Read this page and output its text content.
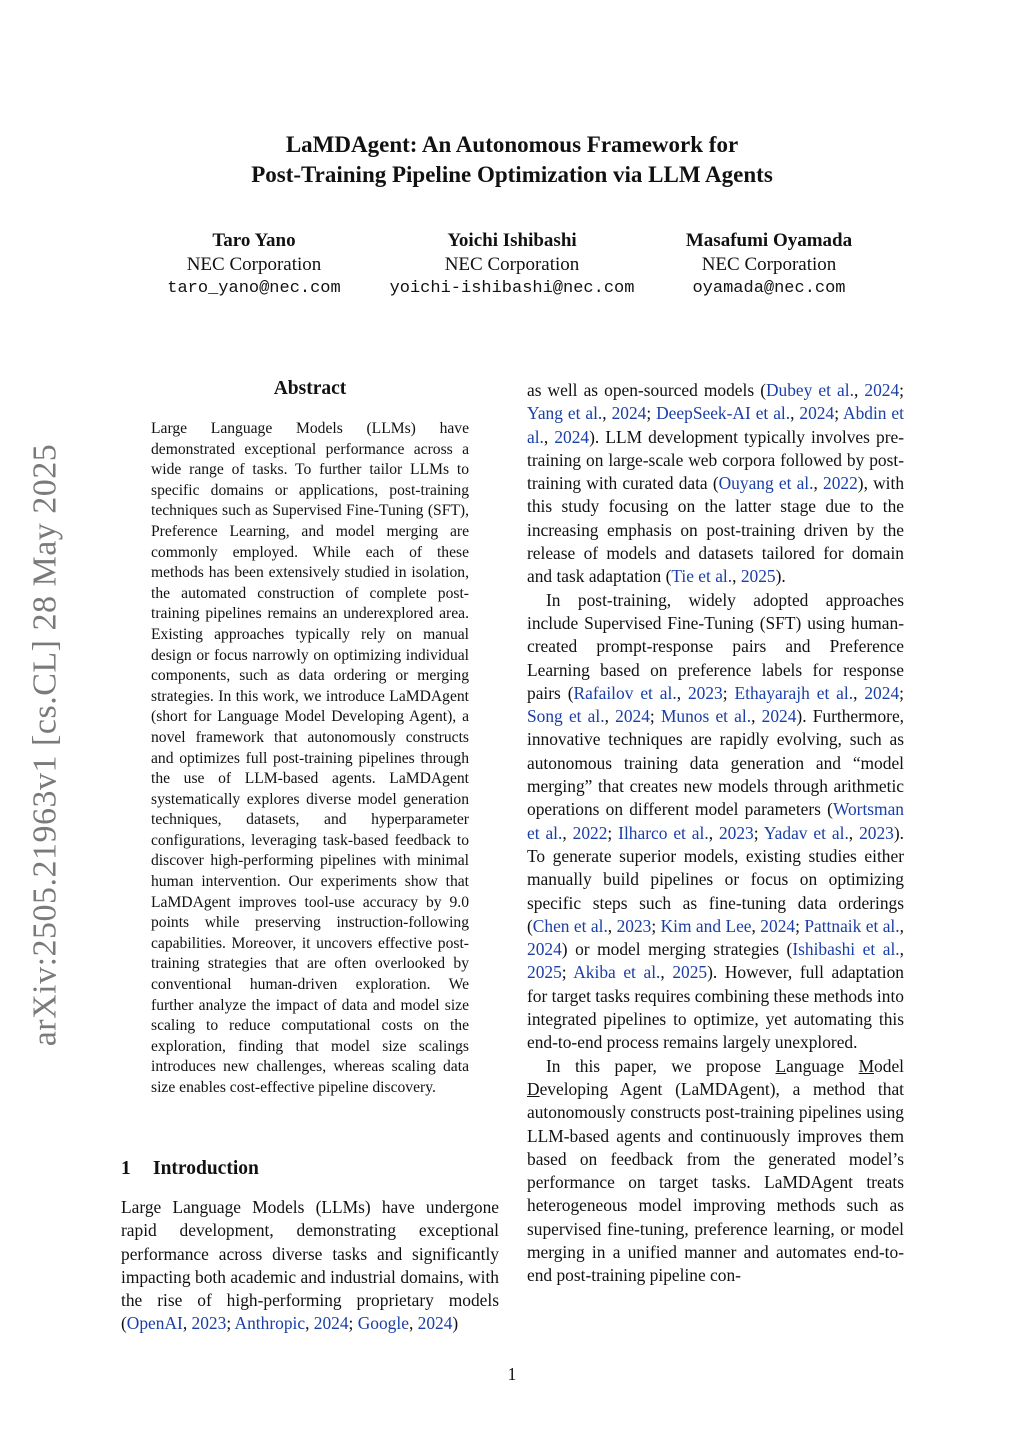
LaMDAgent: An Autonomous Framework for
Post-Training Pipeline Optimization via LLM Agents
Taro Yano
NEC Corporation
taro_yano@nec.com
Yoichi Ishibashi
NEC Corporation
yoichi-ishibashi@nec.com
Masafumi Oyamada
NEC Corporation
oyamada@nec.com
arXiv:2505.21963v1 [cs.CL] 28 May 2025
Abstract
Large Language Models (LLMs) have demonstrated exceptional performance across a wide range of tasks. To further tailor LLMs to specific domains or applications, post-training techniques such as Supervised Fine-Tuning (SFT), Preference Learning, and model merging are commonly employed. While each of these methods has been extensively studied in isolation, the automated construction of complete post-training pipelines remains an underexplored area. Existing approaches typically rely on manual design or focus narrowly on optimizing individual components, such as data ordering or merging strategies. In this work, we introduce LaMDAgent (short for Language Model Developing Agent), a novel framework that autonomously constructs and optimizes full post-training pipelines through the use of LLM-based agents. LaMDAgent systematically explores diverse model generation techniques, datasets, and hyperparameter configurations, leveraging task-based feedback to discover high-performing pipelines with minimal human intervention. Our experiments show that LaMDAgent improves tool-use accuracy by 9.0 points while preserving instruction-following capabilities. Moreover, it uncovers effective post-training strategies that are often overlooked by conventional human-driven exploration. We further analyze the impact of data and model size scaling to reduce computational costs on the exploration, finding that model size scalings introduces new challenges, whereas scaling data size enables cost-effective pipeline discovery.
1 Introduction
Large Language Models (LLMs) have undergone rapid development, demonstrating exceptional performance across diverse tasks and significantly impacting both academic and industrial domains, with the rise of high-performing proprietary models (OpenAI, 2023; Anthropic, 2024; Google, 2024)

as well as open-sourced models (Dubey et al., 2024; Yang et al., 2024; DeepSeek-AI et al., 2024; Abdin et al., 2024). LLM development typically involves pre-training on large-scale web corpora followed by post-training with curated data (Ouyang et al., 2022), with this study focusing on the latter stage due to the increasing emphasis on post-training driven by the release of models and datasets tailored for domain and task adaptation (Tie et al., 2025).

In post-training, widely adopted approaches include Supervised Fine-Tuning (SFT) using human-created prompt-response pairs and Preference Learning based on preference labels for response pairs (Rafailov et al., 2023; Ethayarajh et al., 2024; Song et al., 2024; Munos et al., 2024). Furthermore, innovative techniques are rapidly evolving, such as autonomous training data generation and “model merging” that creates new models through arithmetic operations on different model parameters (Wortsman et al., 2022; Ilharco et al., 2023; Yadav et al., 2023). To generate superior models, existing studies either manually build pipelines or focus on optimizing specific steps such as fine-tuning data orderings (Chen et al., 2023; Kim and Lee, 2024; Pattnaik et al., 2024) or model merging strategies (Ishibashi et al., 2025; Akiba et al., 2025). However, full adaptation for target tasks requires combining these methods into integrated pipelines to optimize, yet automating this end-to-end process remains largely unexplored.

In this paper, we propose Language Model Developing Agent (LaMDAgent), a method that autonomously constructs post-training pipelines using LLM-based agents and continuously improves them based on feedback from the generated model’s performance on target tasks. LaMDAgent treats heterogeneous model improving methods such as supervised fine-tuning, preference learning, or model merging in a unified manner and automates end-to-end post-training pipeline con-

1
